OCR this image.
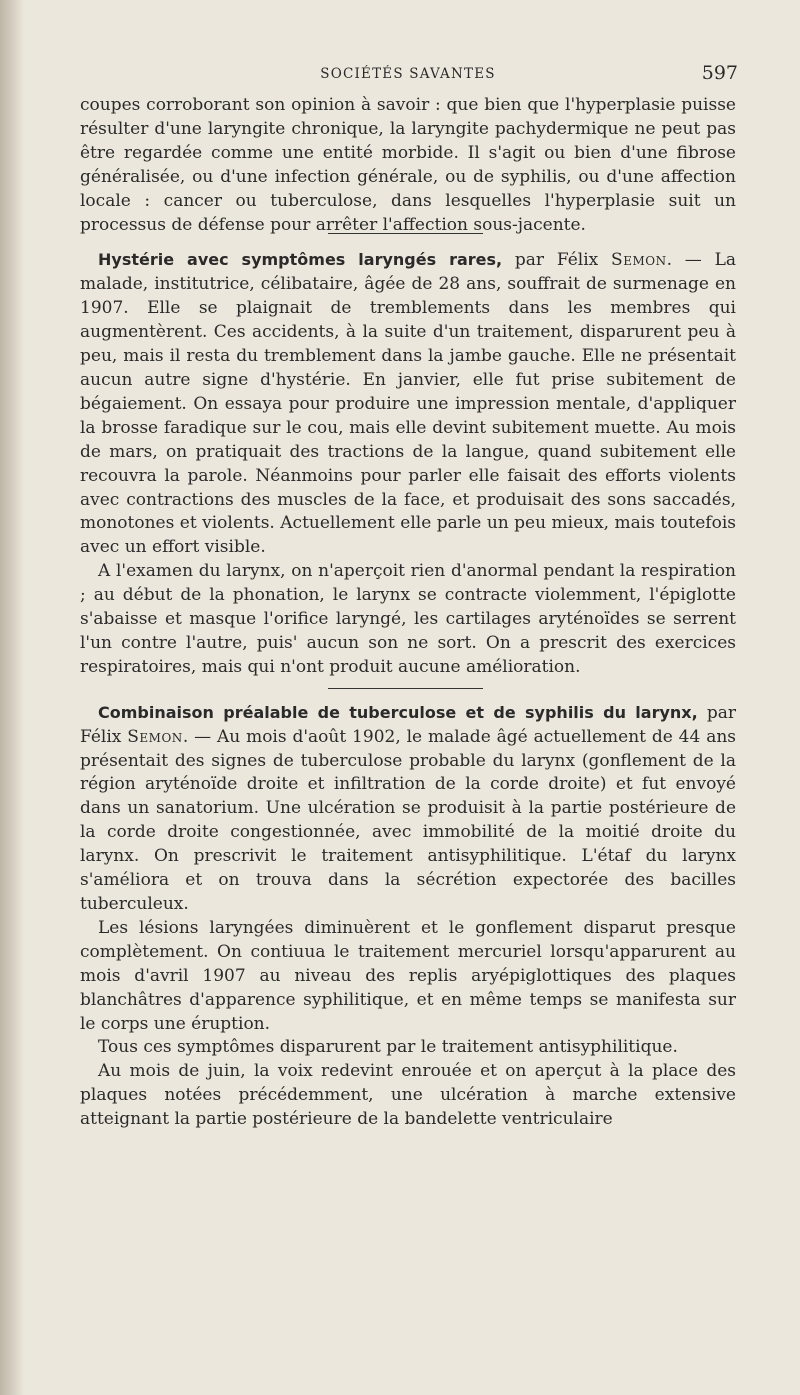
SOCIÉTÉS SAVANTES	597

coupes corroborant son opinion à savoir : que bien que l'hyperplasie puisse résulter d'une laryngite chronique, la laryngite pachydermique ne peut pas être regardée comme une entité morbide. Il s'agit ou bien d'une fibrose généralisée, ou d'une infection générale, ou de syphilis, ou d'une affection locale : cancer ou tuberculose, dans lesquelles l'hyperplasie suit un processus de défense pour arrêter l'affection sous-jacente.

Hystérie avec symptômes laryngés rares, par Félix Semon. — La malade, institutrice, célibataire, âgée de 28 ans, souffrait de surmenage en 1907. Elle se plaignait de tremblements dans les membres qui augmentèrent. Ces accidents, à la suite d'un traitement, disparurent peu à peu, mais il resta du tremblement dans la jambe gauche. Elle ne présentait aucun autre signe d'hystérie. En janvier, elle fut prise subitement de bégaiement. On essaya pour produire une impression mentale, d'appliquer la brosse faradique sur le cou, mais elle devint subitement muette. Au mois de mars, on pratiquait des tractions de la langue, quand subitement elle recouvra la parole. Néanmoins pour parler elle faisait des efforts violents avec contractions des muscles de la face, et produisait des sons saccadés, monotones et violents. Actuellement elle parle un peu mieux, mais toutefois avec un effort visible.

A l'examen du larynx, on n'aperçoit rien d'anormal pendant la respiration ; au début de la phonation, le larynx se contracte violemment, l'épiglotte s'abaisse et masque l'orifice laryngé, les cartilages aryténoïdes se serrent l'un contre l'autre, puis' aucun son ne sort. On a prescrit des exercices respiratoires, mais qui n'ont produit aucune amélioration.

Combinaison préalable de tuberculose et de syphilis du larynx, par Félix Semon. — Au mois d'août 1902, le malade âgé actuellement de 44 ans présentait des signes de tuberculose probable du larynx (gonflement de la région aryténoïde droite et infiltration de la corde droite) et fut envoyé dans un sanatorium. Une ulcération se produisit à la partie postérieure de la corde droite congestionnée, avec immobilité de la moitié droite du larynx. On prescrivit le traitement antisyphilitique. L'étaf du larynx s'améliora et on trouva dans la sécrétion expectorée des bacilles tuberculeux.

Les lésions laryngées diminuèrent et le gonflement disparut presque complètement. On contiuua le traitement mercuriel lorsqu'apparurent au mois d'avril 1907 au niveau des replis aryépiglottiques des plaques blanchâtres d'apparence syphilitique, et en même temps se manifesta sur le corps une éruption.

Tous ces symptômes disparurent par le traitement antisyphilitique.

Au mois de juin, la voix redevint enrouée et on aperçut à la place des plaques notées précédemment, une ulcération à marche extensive atteignant la partie postérieure de la bandelette ventriculaire
